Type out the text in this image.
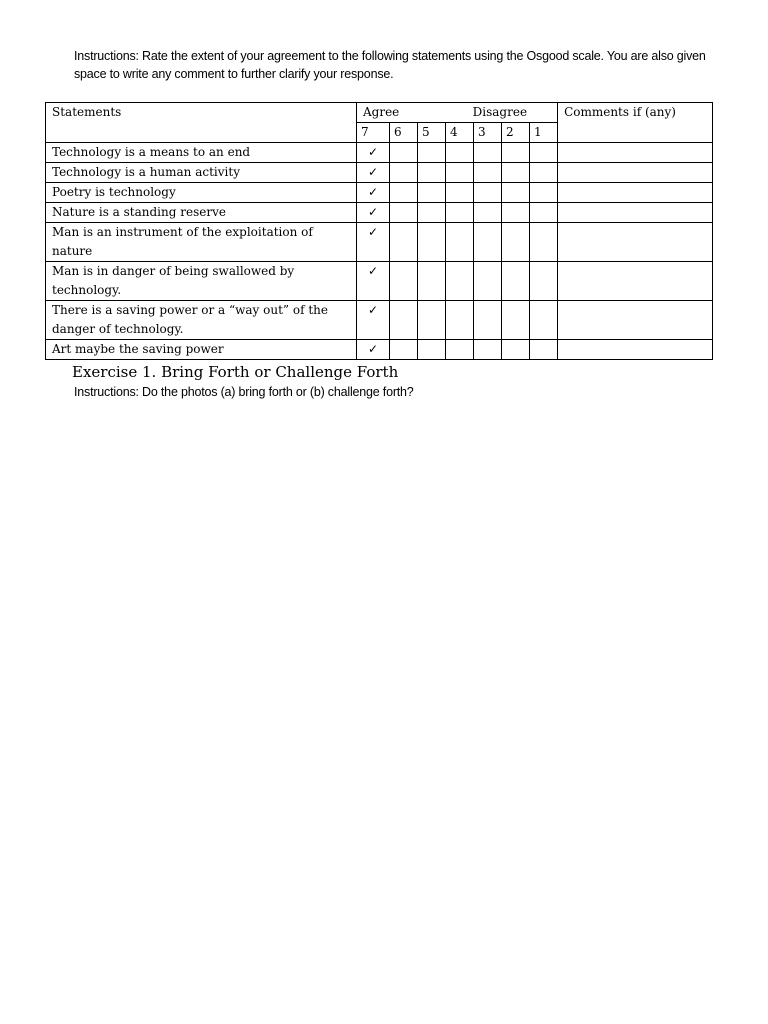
Instructions: Rate the extent of your agreement to the following statements using the Osgood scale. You are also given space to write any comment to further clarify your response.

Statements	Agree Disagree							Comments if (any)
	7	6	5	4	3	2	1	
Technology is a means to an end	✓							
Technology is a human activity	✓							
Poetry is technology	✓							
Nature is a standing reserve	✓							
Man is an instrument of the exploitation of nature	✓							
Man is in danger of being swallowed by technology.	✓							
There is a saving power or a “way out” of the danger of technology.	✓							
Art maybe the saving power	✓							
Exercise 1. Bring Forth or Challenge Forth
Instructions: Do the photos (a) bring forth or (b) challenge forth?
